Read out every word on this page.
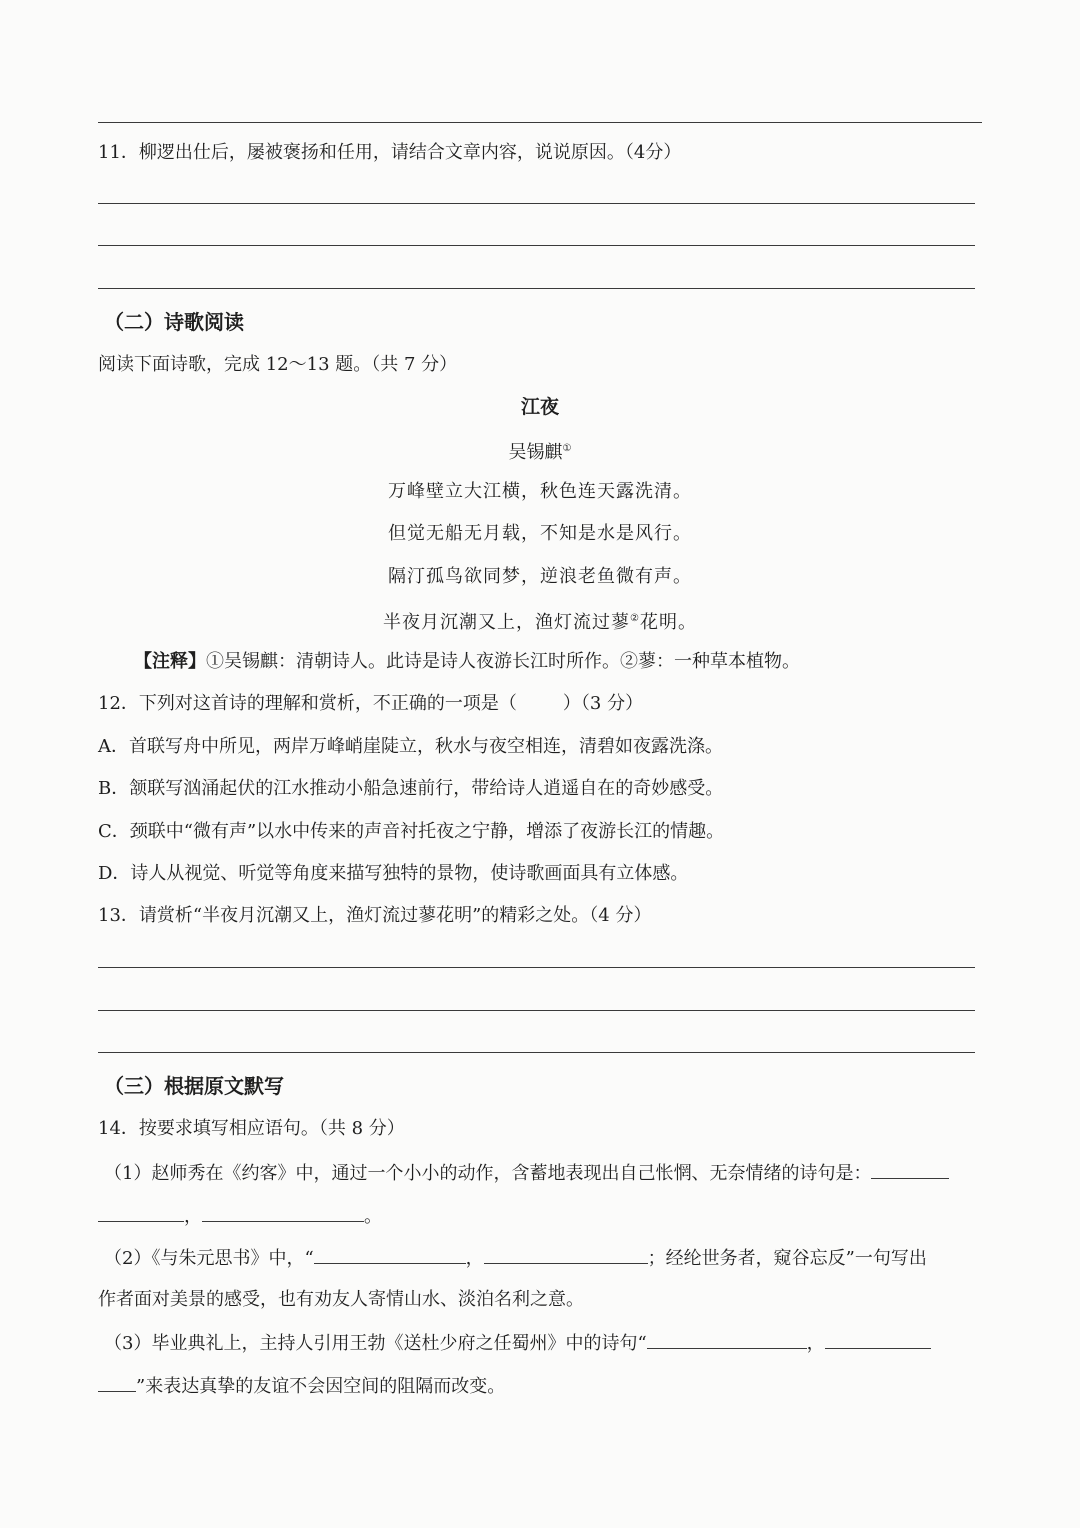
11．柳逻出仕后，屡被褒扬和任用，请结合文章内容，说说原因。（4分）
（二）诗歌阅读
阅读下面诗歌，完成 12～13 题。（共 7 分）
江夜
吴锡麒①
万峰壁立大江横，秋色连天露洗清。
但觉无船无月载，不知是水是风行。
隔汀孤鸟欲同梦，逆浪老鱼微有声。
半夜月沉潮又上，渔灯流过蓼②花明。
【注释】①吴锡麒：清朝诗人。此诗是诗人夜游长江时所作。②蓼：一种草本植物。
12．下列对这首诗的理解和赏析，不正确的一项是（	）（3 分）
A．首联写舟中所见，两岸万峰峭崖陡立，秋水与夜空相连，清碧如夜露洗涤。
B．颔联写汹涌起伏的江水推动小船急速前行，带给诗人逍遥自在的奇妙感受。
C．颈联中“微有声”以水中传来的声音衬托夜之宁静，增添了夜游长江的情趣。
D．诗人从视觉、听觉等角度来描写独特的景物，使诗歌画面具有立体感。
13．请赏析“半夜月沉潮又上，渔灯流过蓼花明”的精彩之处。（4 分）
（三）根据原文默写
14．按要求填写相应语句。（共 8 分）
（1）赵师秀在《约客》中，通过一个小小的动作，含蓄地表现出自己怅惘、无奈情绪的诗句是：
，	。
（2）《与朱元思书》中，“	，	；经纶世务者，窥谷忘反”一句写出
作者面对美景的感受，也有劝友人寄情山水、淡泊名利之意。
（3）毕业典礼上，主持人引用王勃《送杜少府之任蜀州》中的诗句“	，
”来表达真挚的友谊不会因空间的阻隔而改变。
